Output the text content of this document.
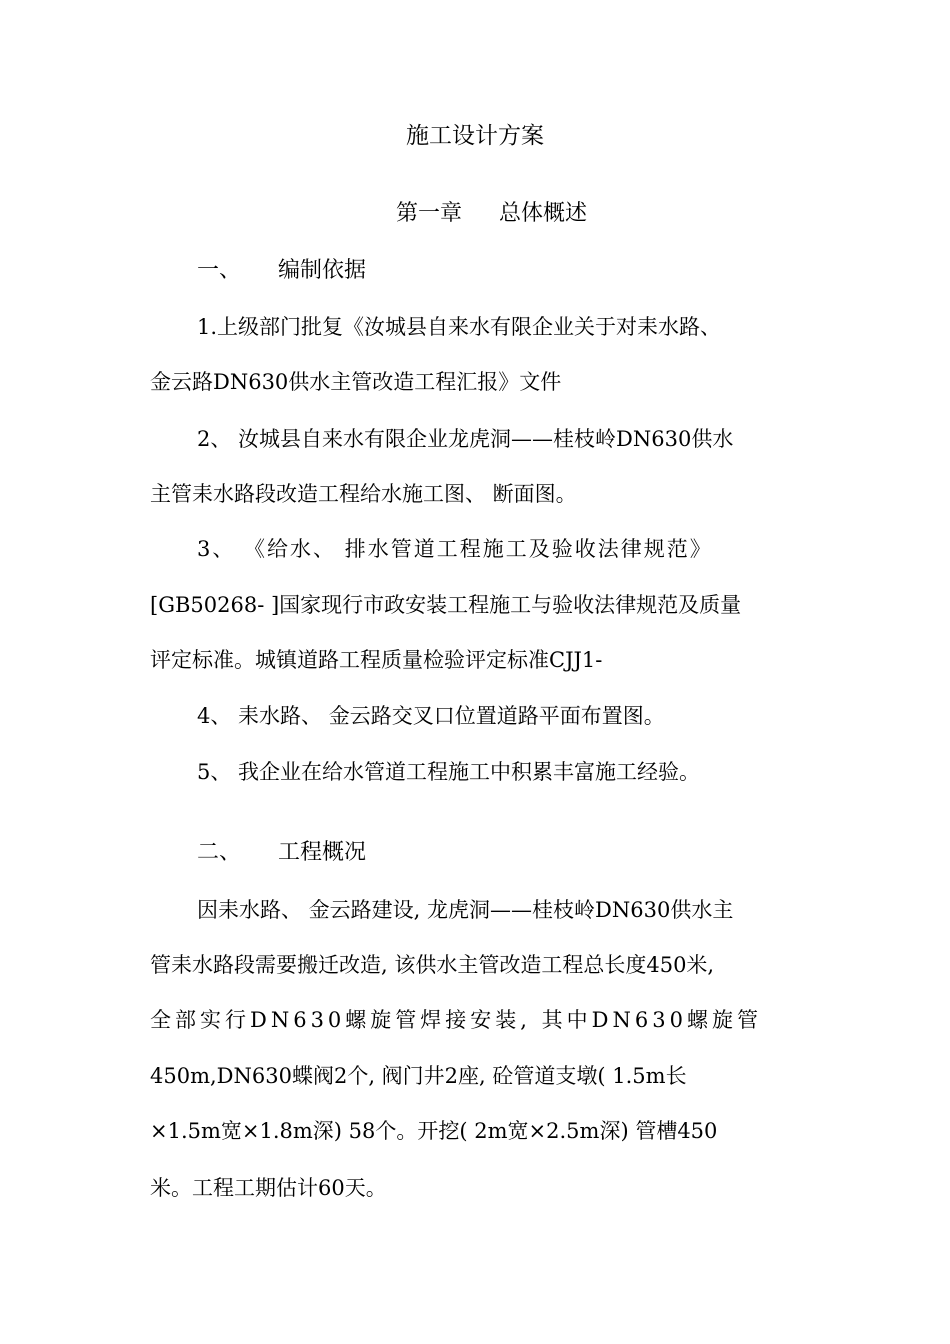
施工设计方案
第一章 总体概述
一、 编制依据
1.上级部门批复《汝城县自来水有限企业关于对耒水路、
金云路DN630供水主管改造工程汇报》文件
2、 汝城县自来水有限企业龙虎洞——桂枝岭DN630供水
主管耒水路段改造工程给水施工图、 断面图。
3、 《给水、 排水管道工程施工及验收法律规范》
[GB50268- ]国家现行市政安装工程施工与验收法律规范及质量
评定标准。城镇道路工程质量检验评定标准CJJ1-
4、 耒水路、 金云路交叉口位置道路平面布置图。
5、 我企业在给水管道工程施工中积累丰富施工经验。
二、 工程概况
因耒水路、 金云路建设, 龙虎洞——桂枝岭DN630供水主
管耒水路段需要搬迁改造, 该供水主管改造工程总长度450米,
全部实行DN630螺旋管焊接安装, 其中DN630螺旋管
450m,DN630蝶阀2个, 阀门井2座, 砼管道支墩( 1.5m长
×1.5m宽×1.8m深) 58个。开挖( 2m宽×2.5m深) 管槽450
米。工程工期估计60天。
